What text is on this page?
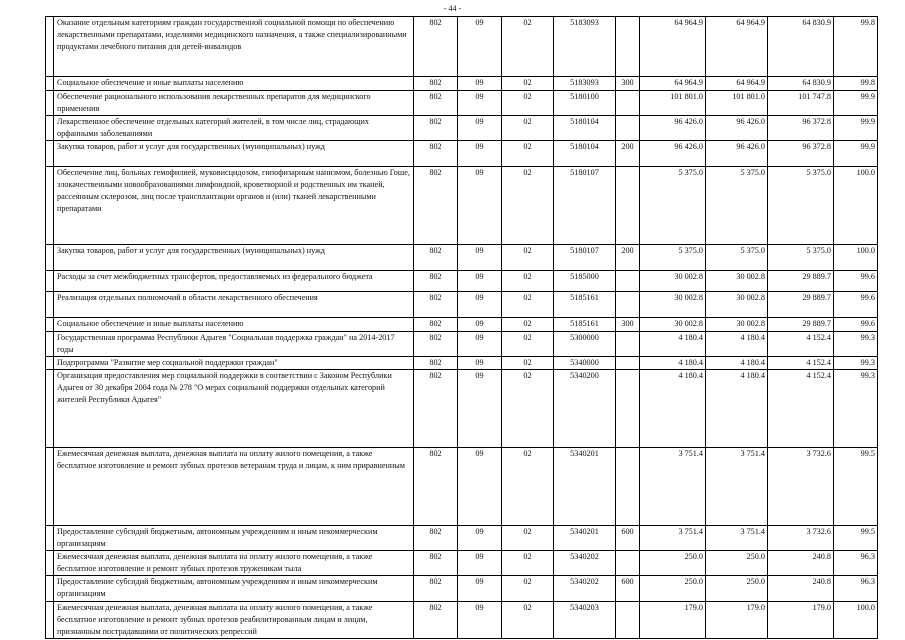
- 44 -
	Оказание отдельным категориям граждан государственной социальной помощи по обеспечению лекарственными препаратами, изделиями медицинского назначения, а также специализированными продуктами лечебного питания для детей-инвалидов	802	09	02	5183093		64 964.9	64 964.9	64 830.9	99.8
	Социальное обеспечение и иные выплаты населению	802	09	02	5183093	300	64 964.9	64 964.9	64 830.9	99.8
	Обеспечение рационального использования лекарственных препаратов для медицинского применения	802	09	02	5180100		101 801.0	101 801.0	101 747.8	99.9
	Лекарственное обеспечение отдельных категорий жителей, в том числе лиц, страдающих орфанными заболеваниями	802	09	02	5180104		96 426.0	96 426.0	96 372.8	99.9
	Закупка товаров, работ и услуг для государственных (муниципальных) нужд	802	09	02	5180104	200	96 426.0	96 426.0	96 372.8	99.9
	Обеспечение лиц, больных гемофилией, муковисцидозом, гипофизарным нанизмом, болезнью Гоше, злокачественными новообразованиями лимфоидной, кроветворной и родственных им тканей, рассеянным склерозом, лиц после трансплантации органов и (или) тканей лекарственными препаратами	802	09	02	5180107		5 375.0	5 375.0	5 375.0	100.0
	Закупка товаров, работ и услуг для государственных (муниципальных) нужд	802	09	02	5180107	200	5 375.0	5 375.0	5 375.0	100.0
	Расходы за счет межбюджетных трансфертов, предоставляемых из федерального бюджета	802	09	02	5185000		30 002.8	30 002.8	29 889.7	99.6
	Реализация отдельных полномочий в области лекарственного обеспечения	802	09	02	5185161		30 002.8	30 002.8	29 889.7	99.6
	Социальное обеспечение и иные выплаты населению	802	09	02	5185161	300	30 002.8	30 002.8	29 889.7	99.6
	Государственная программа Республики Адыгея "Социальная поддержка граждан" на 2014-2017 годы	802	09	02	5300000		4 180.4	4 180.4	4 152.4	99.3
	Подпрограмма "Развитие мер социальной поддержки граждан"	802	09	02	5340000		4 180.4	4 180.4	4 152.4	99.3
	Организация предоставления мер социальной поддержки в соответствии с Законом Республики Адыгея от 30 декабря 2004 года № 278 "О мерах социальной поддержки отдельных категорий жителей Республики Адыгея"	802	09	02	5340200		4 180.4	4 180.4	4 152.4	99.3
	Ежемесячная денежная выплата, денежная выплата на оплату жилого помещения, а также бесплатное изготовление и ремонт зубных протезов ветеранам труда и лицам, к ним приравненным	802	09	02	5340201		3 751.4	3 751.4	3 732.6	99.5
	Предоставление субсидий бюджетным, автономным учреждениям и иным некоммерческим организациям	802	09	02	5340201	600	3 751.4	3 751.4	3 732.6	99.5
	Ежемесячная денежная выплата, денежная выплата на оплату жилого помещения, а также бесплатное изготовление и ремонт зубных протезов труженикам тыла	802	09	02	5340202		250.0	250.0	240.8	96.3
	Предоставление субсидий бюджетным, автономным учреждениям и иным некоммерческим организациям	802	09	02	5340202	600	250.0	250.0	240.8	96.3
	Ежемесячная денежная выплата, денежная выплата на оплату жилого помещения, а также бесплатное изготовление и ремонт зубных протезов реабилитированным лицам и лицам, признанным пострадавшими от политических репрессий	802	09	02	5340203		179.0	179.0	179.0	100.0
